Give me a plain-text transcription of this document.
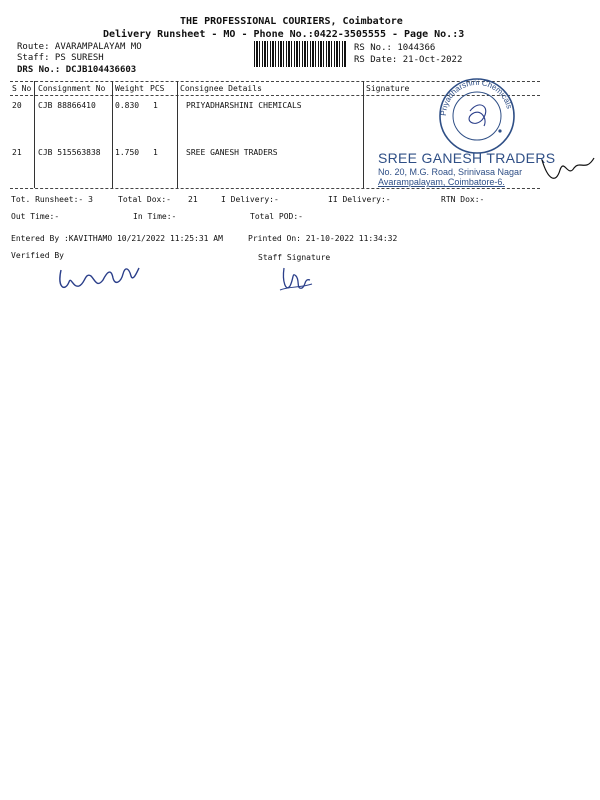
THE PROFESSIONAL COURIERS, Coimbatore
Delivery Runsheet - MO - Phone No.:0422-3505555 - Page No.:3
Route: AVARAMPALAYAM MO
Staff: PS SURESH
DRS No.: DCJB104436603
RS No.: 1044366
RS Date: 21-Oct-2022
S No Consignment No Weight PCS Consignee Details	Signature
20 CJB 88866410 0.830 1	PRIYADHARSHINI CHEMICALS
21 CJB 515563838 1.750 1	SREE GANESH TRADERS
Priyadharshini Chemicals
SREE GANESH TRADERS
No. 20, M.G. Road, Srinivasa Nagar
Avarampalayam, Coimbatore-6.
Tot. Runsheet:- 3	Total Dox:- 21	I Delivery:-	II Delivery:-	RTN Dox:-
Out Time:-	In Time:-	Total POD:-
Entered By :KAVITHAMO 10/21/2022 11:25:31 AM	Printed On: 21-10-2022 11:34:32
Verified By	Staff Signature
